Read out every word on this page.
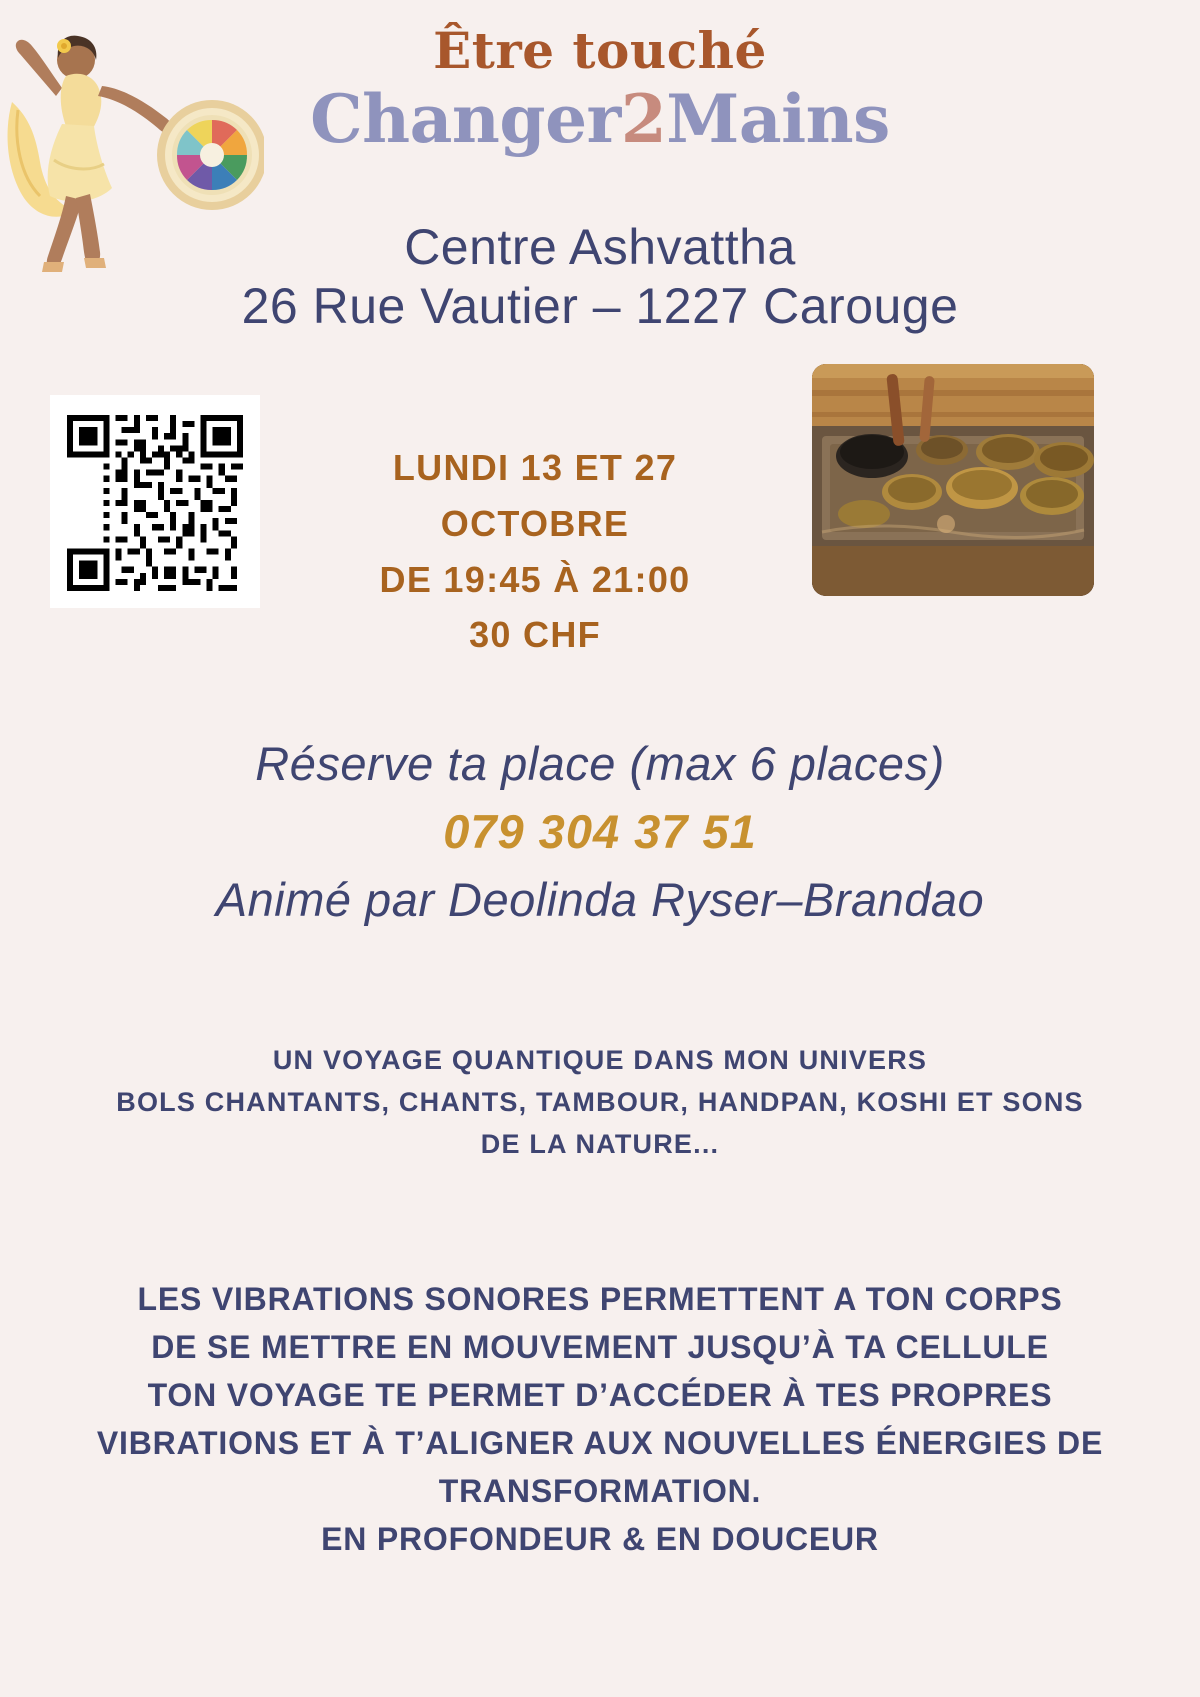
Être touché
Changer2Mains
Centre Ashvattha
26 Rue Vautier – 1227 Carouge
LUNDI 13 ET 27
OCTOBRE
DE 19:45 À 21:00
30 CHF
Réserve ta place (max 6 places)
079 304 37 51
Animé par Deolinda Ryser–Brandao
UN VOYAGE QUANTIQUE DANS MON UNIVERS
BOLS CHANTANTS, CHANTS, TAMBOUR, HANDPAN, KOSHI ET SONS
DE LA NATURE...
LES VIBRATIONS SONORES PERMETTENT A TON CORPS
DE SE METTRE EN MOUVEMENT JUSQU’À TA CELLULE
TON VOYAGE TE PERMET D’ACCÉDER À TES PROPRES
VIBRATIONS ET À T’ALIGNER AUX NOUVELLES ÉNERGIES DE
TRANSFORMATION.
EN PROFONDEUR & EN DOUCEUR
